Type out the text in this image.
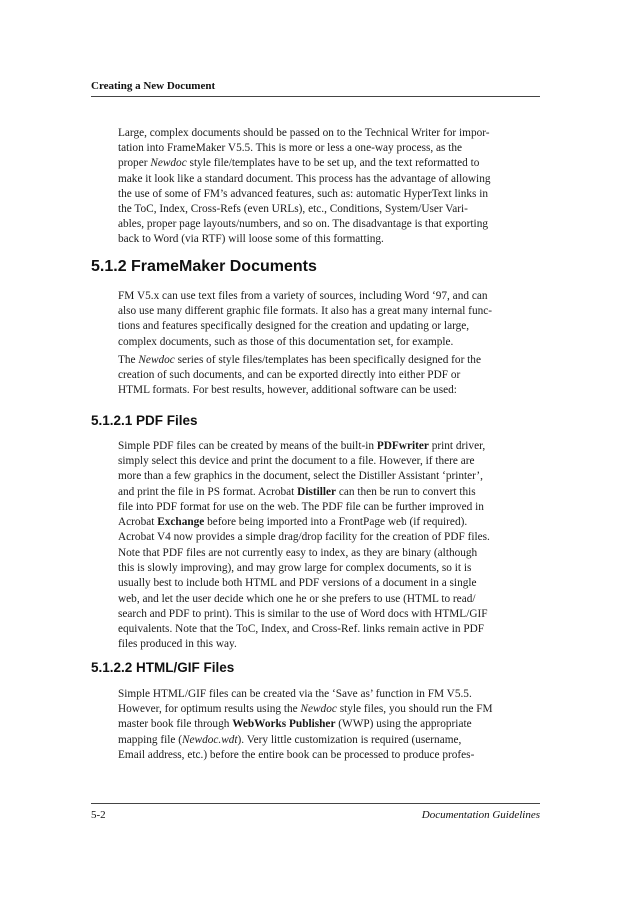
Creating a New Document
Large, complex documents should be passed on to the Technical Writer for impor-
tation into FrameMaker V5.5. This is more or less a one-way process, as the
proper Newdoc style file/templates have to be set up, and the text reformatted to
make it look like a standard document. This process has the advantage of allowing
the use of some of FM’s advanced features, such as: automatic HyperText links in
the ToC, Index, Cross-Refs (even URLs), etc., Conditions, System/User Vari-
ables, proper page layouts/numbers, and so on. The disadvantage is that exporting
back to Word (via RTF) will loose some of this formatting.
5.1.2 FrameMaker Documents
FM V5.x can use text files from a variety of sources, including Word ‘97, and can
also use many different graphic file formats. It also has a great many internal func-
tions and features specifically designed for the creation and updating or large,
complex documents, such as those of this documentation set, for example.
The Newdoc series of style files/templates has been specifically designed for the
creation of such documents, and can be exported directly into either PDF or
HTML formats. For best results, however, additional software can be used:
5.1.2.1 PDF Files
Simple PDF files can be created by means of the built-in PDFwriter print driver,
simply select this device and print the document to a file. However, if there are
more than a few graphics in the document, select the Distiller Assistant ‘printer’,
and print the file in PS format. Acrobat Distiller can then be run to convert this
file into PDF format for use on the web. The PDF file can be further improved in
Acrobat Exchange before being imported into a FrontPage web (if required).
Acrobat V4 now provides a simple drag/drop facility for the creation of PDF files.
Note that PDF files are not currently easy to index, as they are binary (although
this is slowly improving), and may grow large for complex documents, so it is
usually best to include both HTML and PDF versions of a document in a single
web, and let the user decide which one he or she prefers to use (HTML to read/
search and PDF to print). This is similar to the use of Word docs with HTML/GIF
equivalents. Note that the ToC, Index, and Cross-Ref. links remain active in PDF
files produced in this way.
5.1.2.2 HTML/GIF Files
Simple HTML/GIF files can be created via the ‘Save as’ function in FM V5.5.
However, for optimum results using the Newdoc style files, you should run the FM
master book file through WebWorks Publisher (WWP) using the appropriate
mapping file (Newdoc.wdt). Very little customization is required (username,
Email address, etc.) before the entire book can be processed to produce profes-
5-2	Documentation Guidelines
